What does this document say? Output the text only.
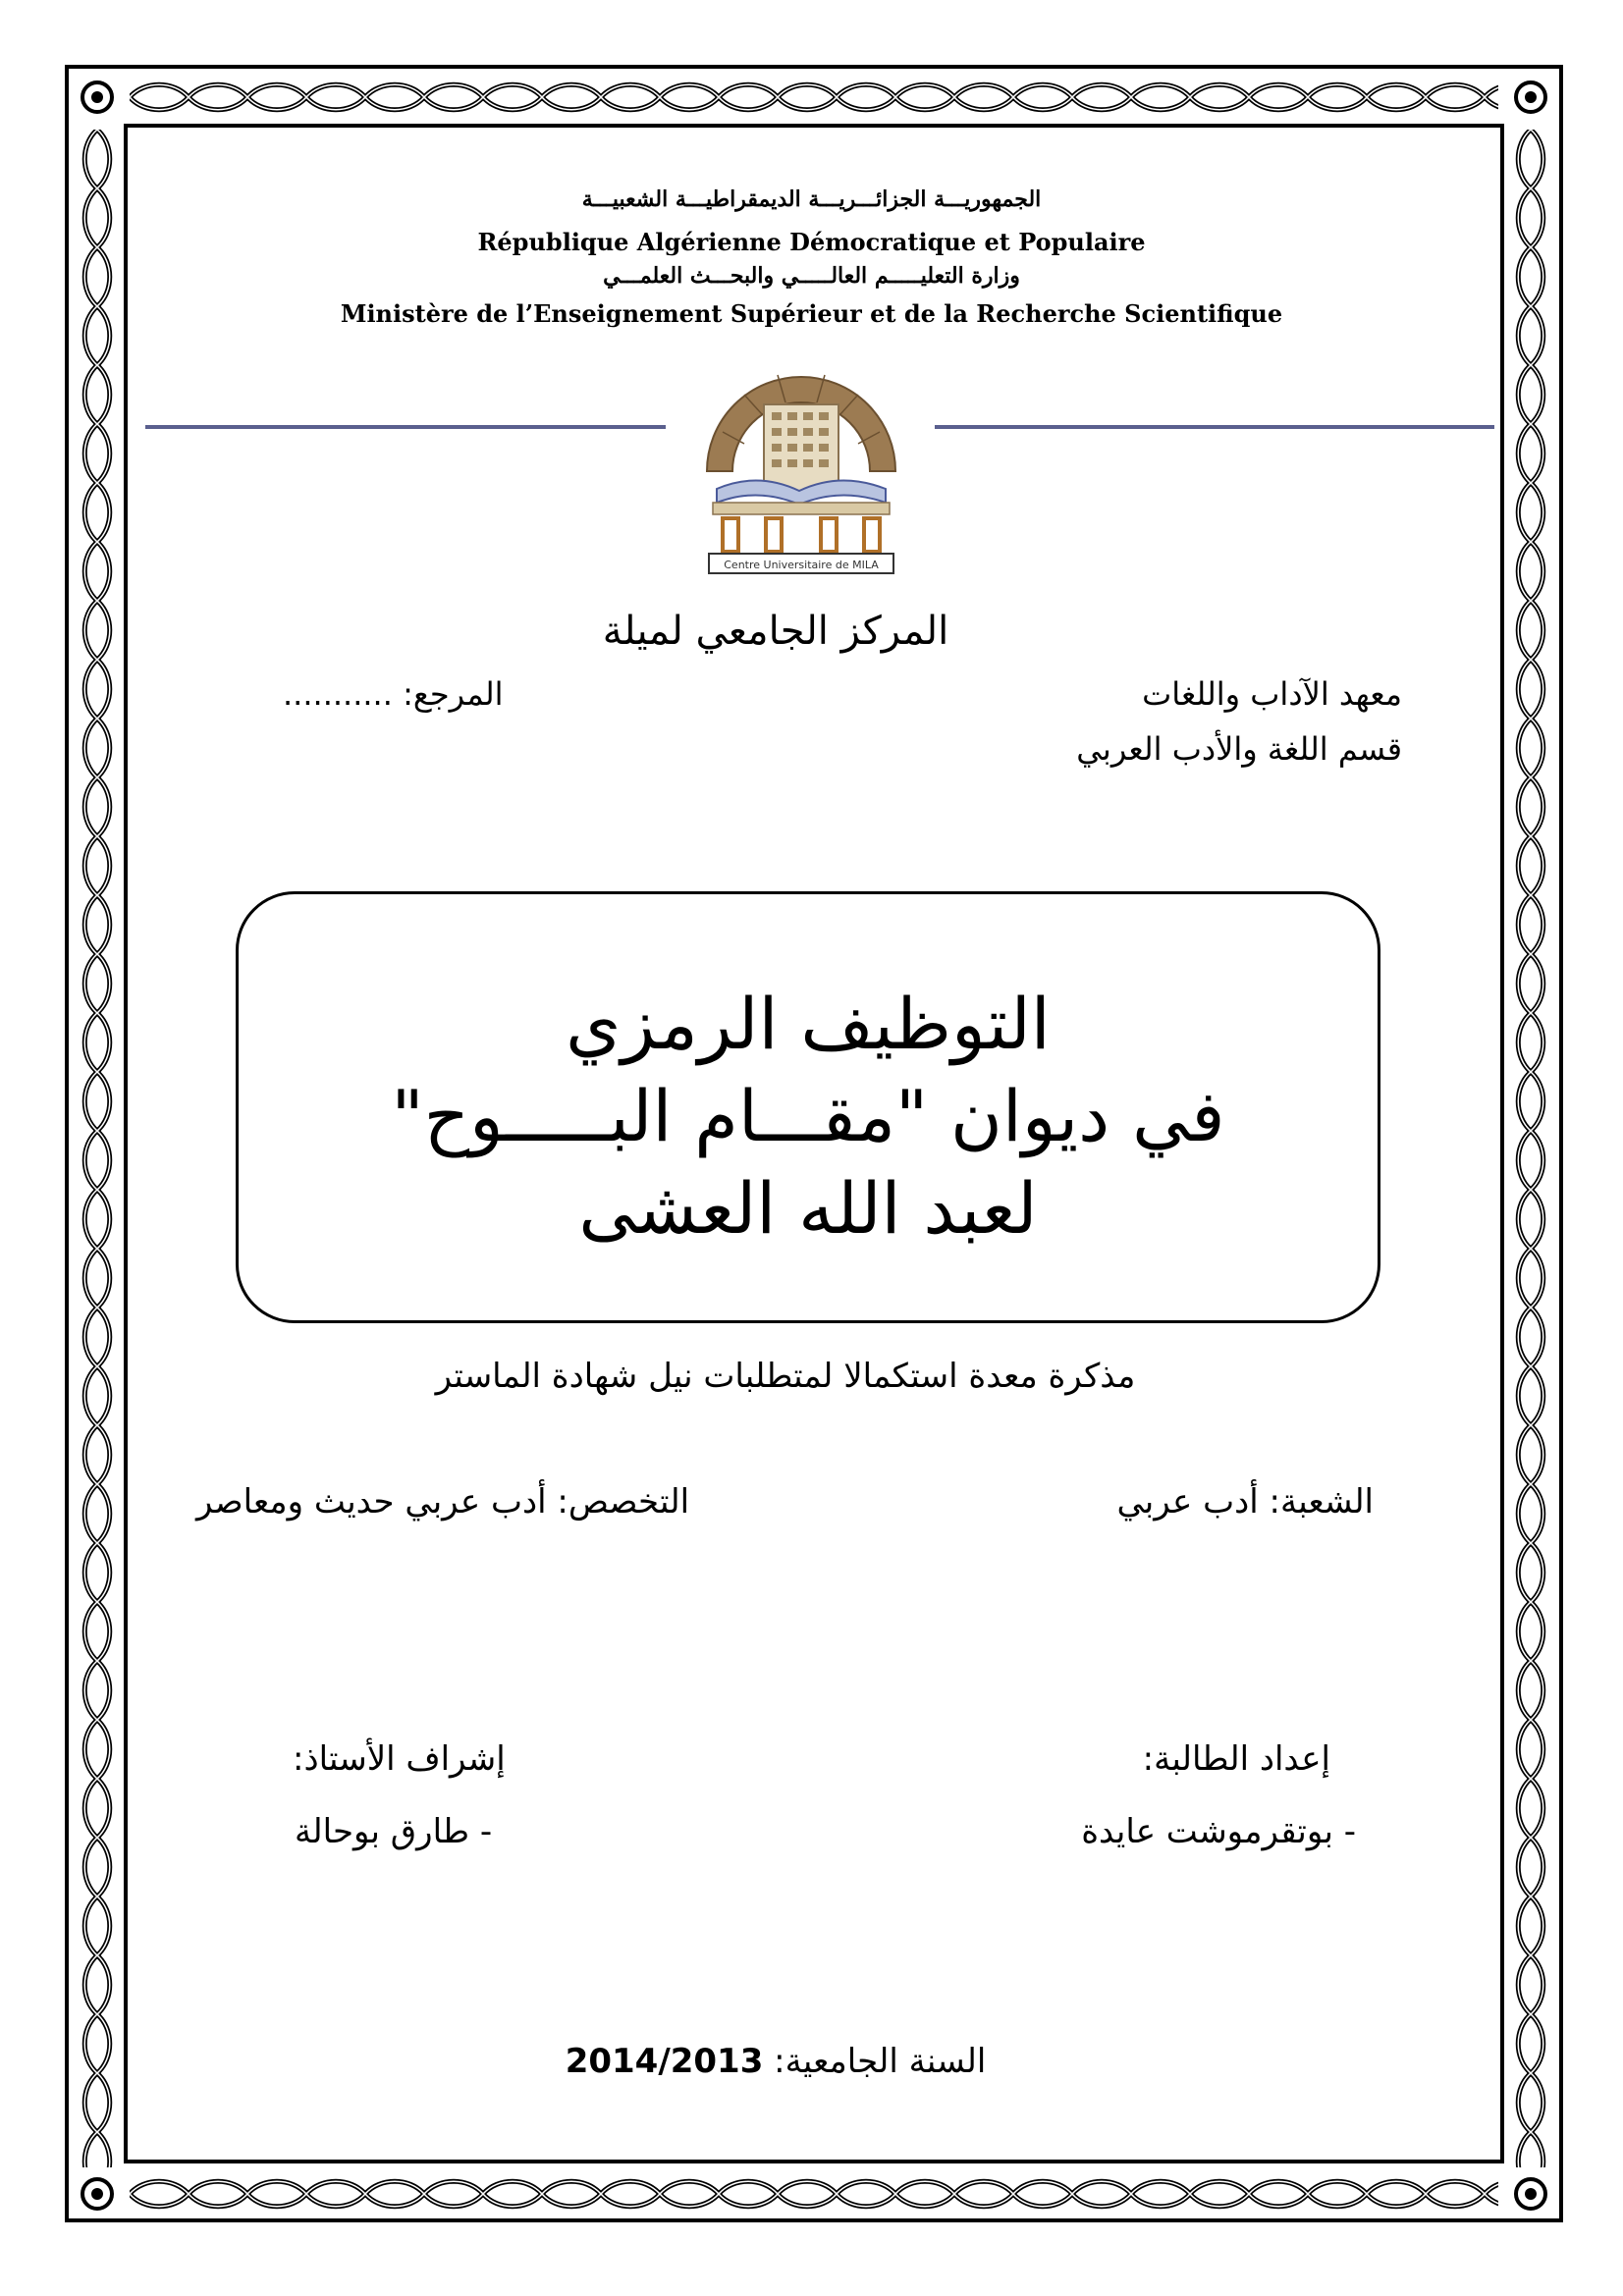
الجمهوريـــة الجزائـــريـــة الديمقراطيـــة الشعبيـــة
République Algérienne Démocratique et Populaire
وزارة التعليـــــم العالـــــي والبحـــث العلمـــي
Ministère de l’Enseignement Supérieur et de la Recherche Scientifique
Centre Universitaire de MILA
المركز الجامعي لميلة
معهد الآداب واللغات
المرجع: ...........
قسم اللغة والأدب العربي
التوظيف الرمزي
في ديوان "مقـــام البـــــوح"
لعبد الله العشى
مذكرة معدة استكمالا لمتطلبات نيل شهادة الماستر
الشعبة: أدب عربي
التخصص: أدب عربي حديث ومعاصر
إعداد الطالبة:
- بوتقرموشت عايدة
إشراف الأستاذ:
- طارق بوحالة
السنة الجامعية: 2014/2013
